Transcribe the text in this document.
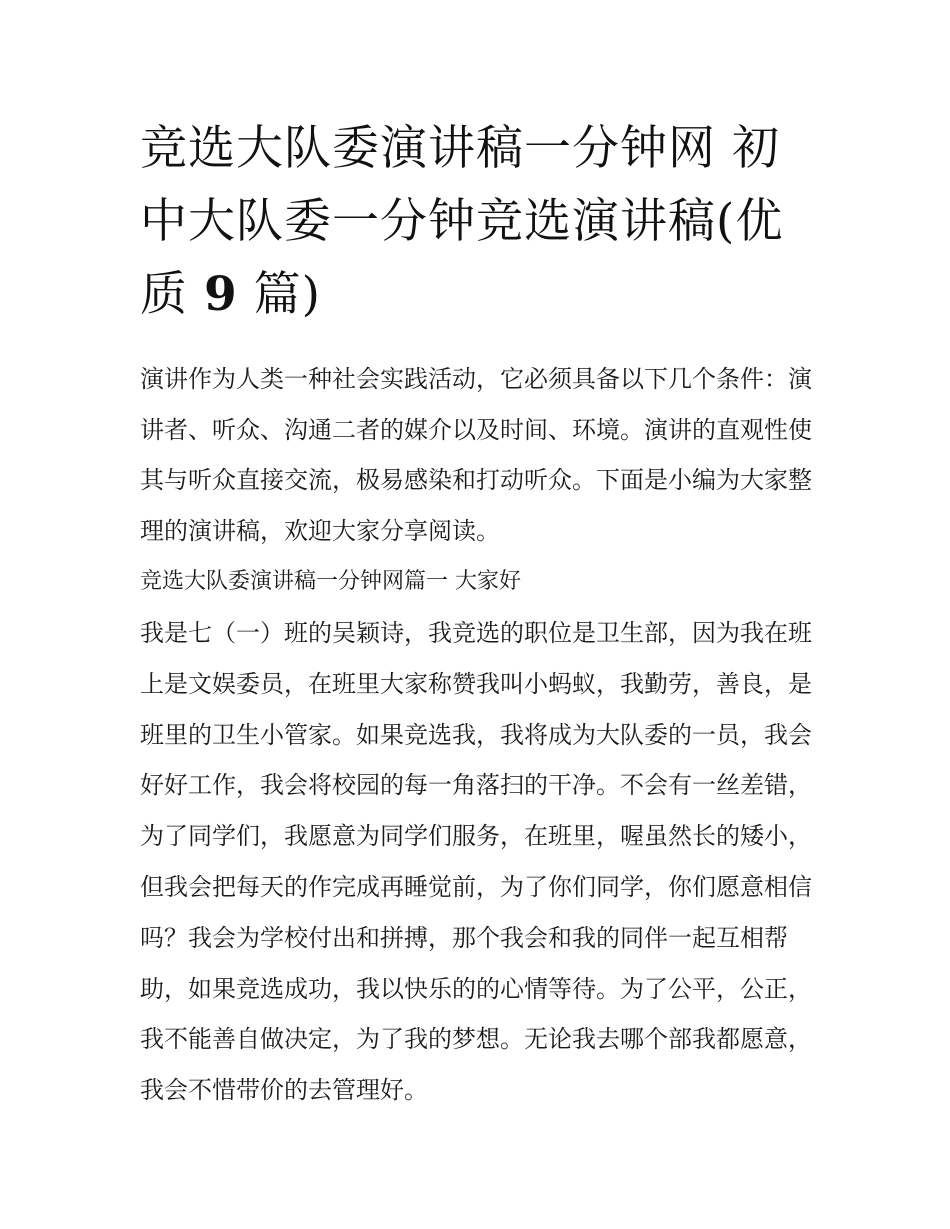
竞选大队委演讲稿一分钟网 初中大队委一分钟竞选演讲稿(优质 9 篇)

演讲作为人类一种社会实践活动，它必须具备以下几个条件：演讲者、听众、沟通二者的媒介以及时间、环境。演讲的直观性使其与听众直接交流，极易感染和打动听众。下面是小编为大家整理的演讲稿，欢迎大家分享阅读。

竞选大队委演讲稿一分钟网篇一 大家好

我是七（一）班的吴颖诗，我竞选的职位是卫生部，因为我在班上是文娱委员，在班里大家称赞我叫小蚂蚁，我勤劳，善良，是班里的卫生小管家。如果竞选我，我将成为大队委的一员，我会好好工作，我会将校园的每一角落扫的干净。不会有一丝差错，为了同学们，我愿意为同学们服务，在班里，喔虽然长的矮小，但我会把每天的作完成再睡觉前，为了你们同学，你们愿意相信吗？我会为学校付出和拼搏，那个我会和我的同伴一起互相帮助，如果竞选成功，我以快乐的的心情等待。为了公平，公正，我不能善自做决定，为了我的梦想。无论我去哪个部我都愿意，我会不惜带价的去管理好。
